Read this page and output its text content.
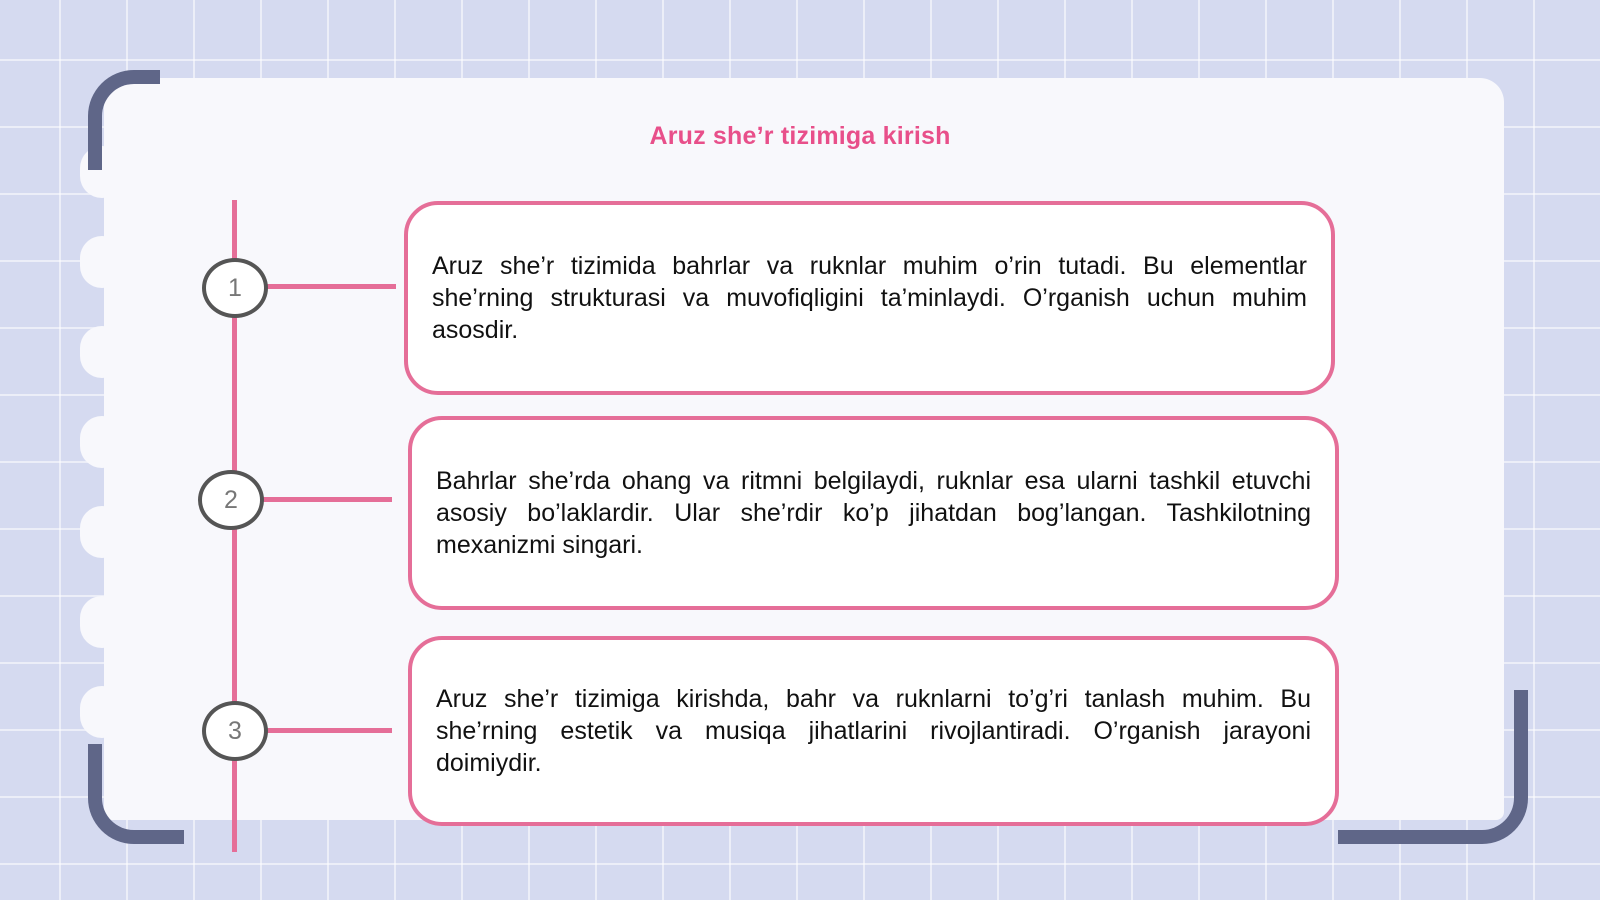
Aruz sheʼr tizimiga kirish
1
2
3

Aruz she’r tizimida bahrlar va ruknlar muhim o’rin tutadi. Bu elementlar she’rning strukturasi va muvofiqligini ta’minlaydi. O’rganish uchun muhim asosdir.

Bahrlar she’rda ohang va ritmni belgilaydi, ruknlar esa ularni tashkil etuvchi asosiy bo’laklardir. Ular she’rdir ko’p jihatdan bog’langan. Tashkilotning mexanizmi singari.

Aruz she’r tizimiga kirishda, bahr va ruknlarni to’g’ri tanlash muhim. Bu she’rning estetik va musiqa jihatlarini rivojlantiradi. O’rganish jarayoni doimiydir.
